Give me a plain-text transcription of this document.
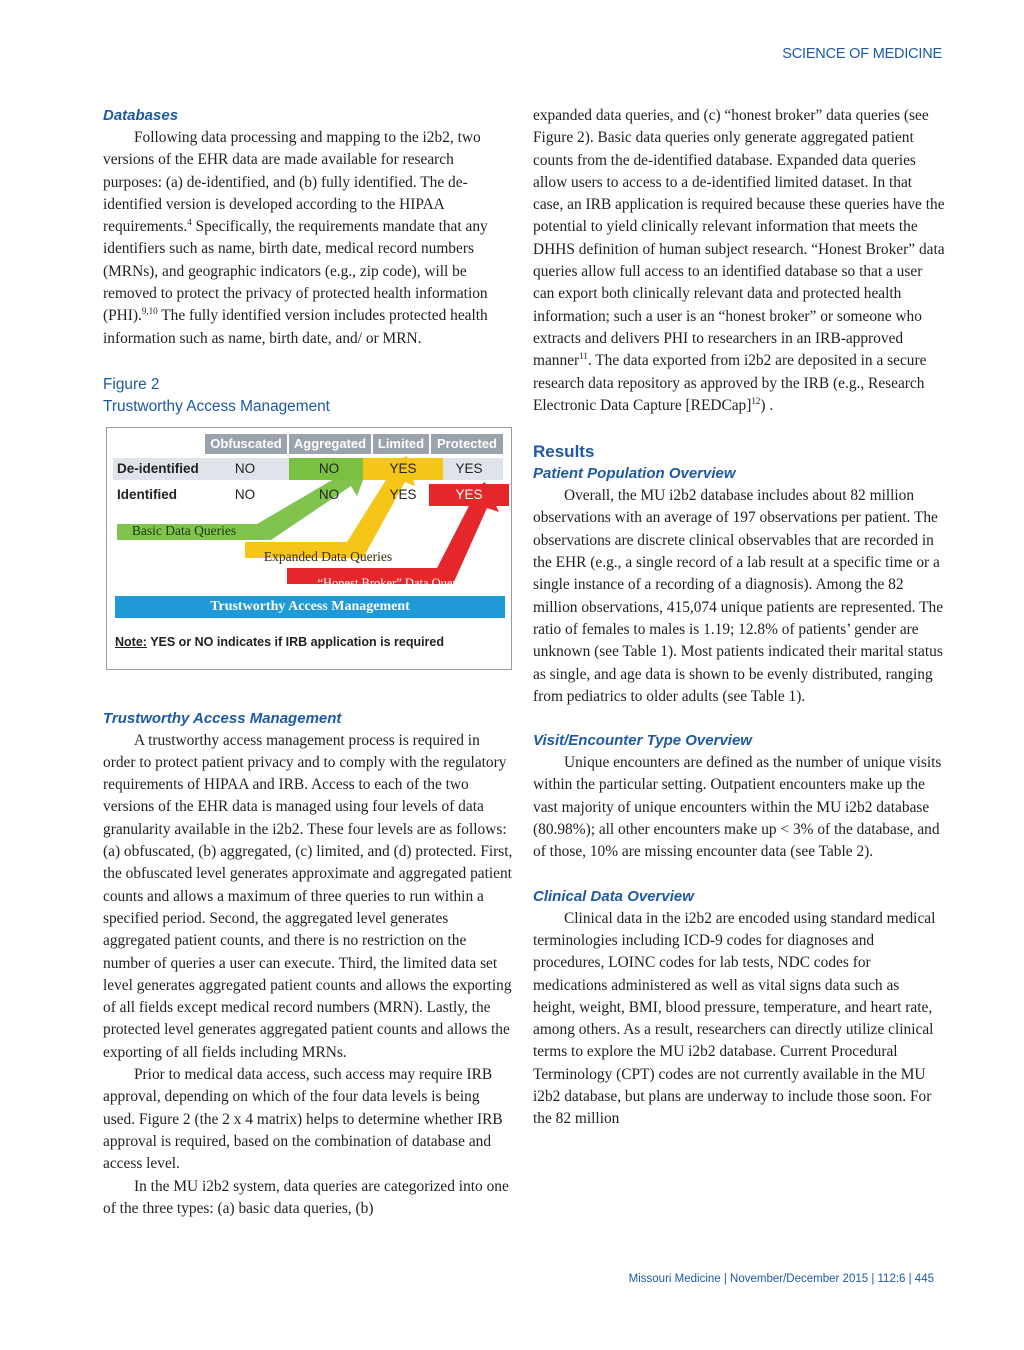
SCIENCE OF MEDICINE
Databases

Following data processing and mapping to the i2b2, two versions of the EHR data are made available for research purposes: (a) de-identified, and (b) fully identified. The de-identified version is developed according to the HIPAA requirements.$^4$ Specifically, the requirements mandate that any identifiers such as name, birth date, medical record numbers (MRNs), and geographic indicators (e.g., zip code), will be removed to protect the privacy of protected health information (PHI).$^{9,10}$ The fully identified version includes protected health information such as name, birth date, and/ or MRN.

Figure 2

Trustworthy Access Management

Obfuscated Aggregated Limited Protected
De-identified	NO	NO	YES	YES
Identified	NO	NO	YES	YES
Basic Data Queries
Expanded Data Queries
“Honest Broker” Data Queries
Trustworthy Access Management
Note: YES or NO indicates if IRB application is required
Trustworthy Access Management

A trustworthy access management process is required in order to protect patient privacy and to comply with the regulatory requirements of HIPAA and IRB. Access to each of the two versions of the EHR data is managed using four levels of data granularity available in the i2b2. These four levels are as follows: (a) obfuscated, (b) aggregated, (c) limited, and (d) protected. First, the obfuscated level generates approximate and aggregated patient counts and allows a maximum of three queries to run within a specified period. Second, the aggregated level generates aggregated patient counts, and there is no restriction on the number of queries a user can execute. Third, the limited data set level generates aggregated patient counts and allows the exporting of all fields except medical record numbers (MRN). Lastly, the protected level generates aggregated patient counts and allows the exporting of all fields including MRNs.

Prior to medical data access, such access may require IRB approval, depending on which of the four data levels is being used. Figure 2 (the 2 x 4 matrix) helps to determine whether IRB approval is required, based on the combination of database and access level.

In the MU i2b2 system, data queries are categorized into one of the three types: (a) basic data queries, (b)

expanded data queries, and (c) “honest broker” data queries (see Figure 2). Basic data queries only generate aggregated patient counts from the de-identified database. Expanded data queries allow users to access to a de-identified limited dataset. In that case, an IRB application is required because these queries have the potential to yield clinically relevant information that meets the DHHS definition of human subject research. “Honest Broker” data queries allow full access to an identified database so that a user can export both clinically relevant data and protected health information; such a user is an “honest broker” or someone who extracts and delivers PHI to researchers in an IRB-approved manner$^{11}$. The data exported from i2b2 are deposited in a secure research data repository as approved by the IRB (e.g., Research Electronic Data Capture [REDCap]$^{12}$) .

Results
Patient Population Overview

Overall, the MU i2b2 database includes about 82 million observations with an average of 197 observations per patient. The observations are discrete clinical observables that are recorded in the EHR (e.g., a single record of a lab result at a specific time or a single instance of a recording of a diagnosis). Among the 82 million observations, 415,074 unique patients are represented. The ratio of females to males is 1.19; 12.8% of patients’ gender are unknown (see Table 1). Most patients indicated their marital status as single, and age data is shown to be evenly distributed, ranging from pediatrics to older adults (see Table 1).

Visit/Encounter Type Overview

Unique encounters are defined as the number of unique visits within the particular setting. Outpatient encounters make up the vast majority of unique encounters within the MU i2b2 database (80.98%); all other encounters make up < 3% of the database, and of those, 10% are missing encounter data (see Table 2).

Clinical Data Overview

Clinical data in the i2b2 are encoded using standard medical terminologies including ICD-9 codes for diagnoses and procedures, LOINC codes for lab tests, NDC codes for medications administered as well as vital signs data such as height, weight, BMI, blood pressure, temperature, and heart rate, among others. As a result, researchers can directly utilize clinical terms to explore the MU i2b2 database. Current Procedural Terminology (CPT) codes are not currently available in the MU i2b2 database, but plans are underway to include those soon. For the 82 million

Missouri Medicine | November/December 2015 | 112:6 | 445
